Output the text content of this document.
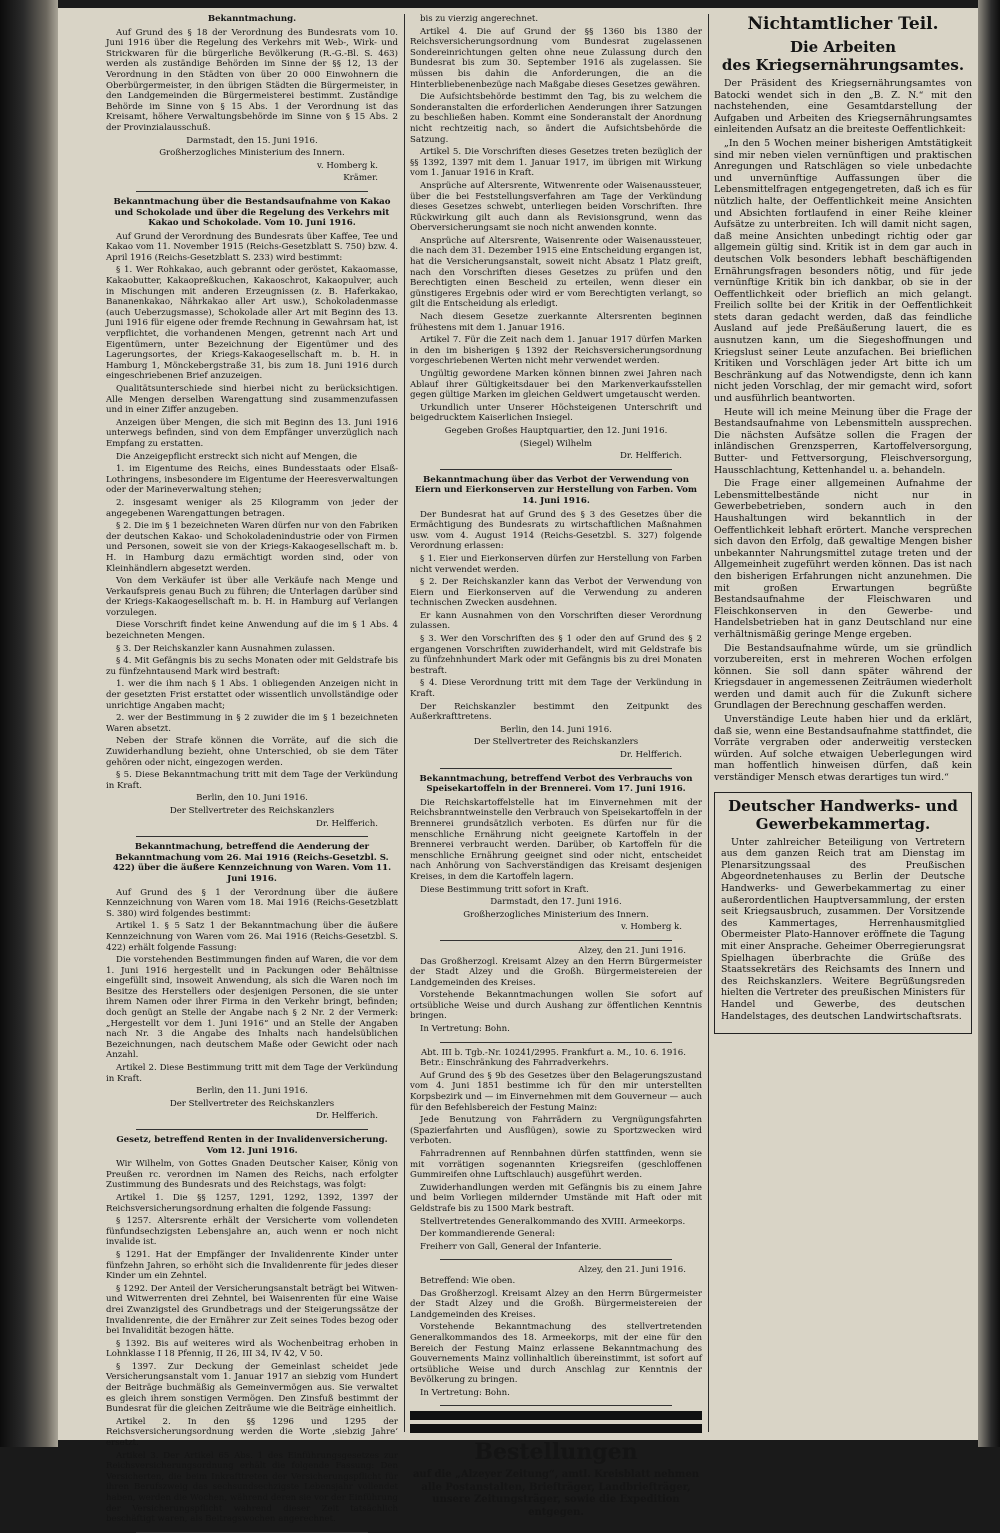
Bekanntmachung.

Auf Grund des § 18 der Verordnung des Bundesrats vom 10. Juni 1916 über die Regelung des Verkehrs mit Web-, Wirk- und Strickwaren für die bürgerliche Bevölkerung (R.-G.-Bl. S. 463) werden als zuständige Behörden im Sinne der §§ 12, 13 der Verordnung in den Städten von über 20 000 Einwohnern die Oberbürgermeister, in den übrigen Städten die Bürgermeister, in den Landgemeinden die Bürgermeisterei bestimmt. Zuständige Behörde im Sinne von § 15 Abs. 1 der Verordnung ist das Kreisamt, höhere Verwaltungsbehörde im Sinne von § 15 Abs. 2 der Provinzialausschuß.

Darmstadt, den 15. Juni 1916.
Großherzogliches Ministerium des Innern.
v. Homberg k.
Krämer.
Bekanntmachung über die Bestandsaufnahme von Kakao und Schokolade und über die Regelung des Verkehrs mit Kakao und Schokolade. Vom 10. Juni 1916.

Auf Grund der Verordnung des Bundesrats über Kaffee, Tee und Kakao vom 11. November 1915 (Reichs-Gesetzblatt S. 750) bzw. 4. April 1916 (Reichs-Gesetzblatt S. 233) wird bestimmt:

§ 1. Wer Rohkakao, auch gebrannt oder geröstet, Kakaomasse, Kakaobutter, Kakaopreßkuchen, Kakaoschrot, Kakaopulver, auch in Mischungen mit anderen Erzeugnissen (z. B. Haferkakao, Bananenkakao, Nährkakao aller Art usw.), Schokoladenmasse (auch Ueberzugsmasse), Schokolade aller Art mit Beginn des 13. Juni 1916 für eigene oder fremde Rechnung in Gewahrsam hat, ist verpflichtet, die vorhandenen Mengen, getrennt nach Art und Eigentümern, unter Bezeichnung der Eigentümer und des Lagerungsortes, der Kriegs-Kakaogesellschaft m. b. H. in Hamburg 1, Mönckebergstraße 31, bis zum 18. Juni 1916 durch eingeschriebenen Brief anzuzeigen.

Qualitätsunterschiede sind hierbei nicht zu berücksichtigen. Alle Mengen derselben Warengattung sind zusammenzufassen und in einer Ziffer anzugeben.

Anzeigen über Mengen, die sich mit Beginn des 13. Juni 1916 unterwegs befinden, sind von dem Empfänger unverzüglich nach Empfang zu erstatten.

Die Anzeigepflicht erstreckt sich nicht auf Mengen, die

1. im Eigentume des Reichs, eines Bundesstaats oder Elsaß-Lothringens, insbesondere im Eigentume der Heeresverwaltungen oder der Marineverwaltung stehen;

2. insgesamt weniger als 25 Kilogramm von jeder der angegebenen Warengattungen betragen.

§ 2. Die im § 1 bezeichneten Waren dürfen nur von den Fabriken der deutschen Kakao- und Schokoladenindustrie oder von Firmen und Personen, soweit sie von der Kriegs-Kakaogesellschaft m. b. H. in Hamburg dazu ermächtigt worden sind, oder von Kleinhändlern abgesetzt werden.

Von dem Verkäufer ist über alle Verkäufe nach Menge und Verkaufspreis genau Buch zu führen; die Unterlagen darüber sind der Kriegs-Kakaogesellschaft m. b. H. in Hamburg auf Verlangen vorzulegen.

Diese Vorschrift findet keine Anwendung auf die im § 1 Abs. 4 bezeichneten Mengen.

§ 3. Der Reichskanzler kann Ausnahmen zulassen.

§ 4. Mit Gefängnis bis zu sechs Monaten oder mit Geldstrafe bis zu fünfzehntausend Mark wird bestraft:

1. wer die ihm nach § 1 Abs. 1 obliegenden Anzeigen nicht in der gesetzten Frist erstattet oder wissentlich unvollständige oder unrichtige Angaben macht;

2. wer der Bestimmung in § 2 zuwider die im § 1 bezeichneten Waren absetzt.

Neben der Strafe können die Vorräte, auf die sich die Zuwiderhandlung bezieht, ohne Unterschied, ob sie dem Täter gehören oder nicht, eingezogen werden.

§ 5. Diese Bekanntmachung tritt mit dem Tage der Verkündung in Kraft.

Berlin, den 10. Juni 1916.
Der Stellvertreter des Reichskanzlers
Dr. Helfferich.
Bekanntmachung, betreffend die Aenderung der Bekanntmachung vom 26. Mai 1916 (Reichs-Gesetzbl. S. 422) über die äußere Kennzeichnung von Waren. Vom 11. Juni 1916.

Auf Grund des § 1 der Verordnung über die äußere Kennzeichnung von Waren vom 18. Mai 1916 (Reichs-Gesetzblatt S. 380) wird folgendes bestimmt:

Artikel 1. § 5 Satz 1 der Bekanntmachung über die äußere Kennzeichnung von Waren vom 26. Mai 1916 (Reichs-Gesetzbl. S. 422) erhält folgende Fassung:

Die vorstehenden Bestimmungen finden auf Waren, die vor dem 1. Juni 1916 hergestellt und in Packungen oder Behältnisse eingefüllt sind, insoweit Anwendung, als sich die Waren noch im Besitze des Herstellers oder desjenigen Personen, die sie unter ihrem Namen oder ihrer Firma in den Verkehr bringt, befinden; doch genügt an Stelle der Angabe nach § 2 Nr. 2 der Vermerk: „Hergestellt vor dem 1. Juni 1916“ und an Stelle der Angaben nach Nr. 3 die Angabe des Inhalts nach handelsüblichen Bezeichnungen, nach deutschem Maße oder Gewicht oder nach Anzahl.

Artikel 2. Diese Bestimmung tritt mit dem Tage der Verkündung in Kraft.

Berlin, den 11. Juni 1916.
Der Stellvertreter des Reichskanzlers
Dr. Helfferich.
Gesetz, betreffend Renten in der Invalidenversicherung. Vom 12. Juni 1916.

Wir Wilhelm, von Gottes Gnaden Deutscher Kaiser, König von Preußen rc. verordnen im Namen des Reichs, nach erfolgter Zustimmung des Bundesrats und des Reichstags, was folgt:

Artikel 1. Die §§ 1257, 1291, 1292, 1392, 1397 der Reichsversicherungsordnung erhalten die folgende Fassung:

§ 1257. Altersrente erhält der Versicherte vom vollendeten fünfundsechzigsten Lebensjahre an, auch wenn er noch nicht invalide ist.

§ 1291. Hat der Empfänger der Invalidenrente Kinder unter fünfzehn Jahren, so erhöht sich die Invalidenrente für jedes dieser Kinder um ein Zehntel.

§ 1292. Der Anteil der Versicherungsanstalt beträgt bei Witwen- und Witwerrenten drei Zehntel, bei Waisenrenten für eine Waise drei Zwanzigstel des Grundbetrags und der Steigerungssätze der Invalidenrente, die der Ernährer zur Zeit seines Todes bezog oder bei Invalidität bezogen hätte.

§ 1392. Bis auf weiteres wird als Wochenbeitrag erhoben in Lohnklasse I 18 Pfennig, II 26, III 34, IV 42, V 50.

§ 1397. Zur Deckung der Gemeinlast scheidet jede Versicherungsanstalt vom 1. Januar 1917 an siebzig vom Hundert der Beiträge buchmäßig als Gemeinvermögen aus. Sie verwaltet es gleich ihrem sonstigen Vermögen. Den Zinsfuß bestimmt der Bundesrat für die gleichen Zeiträume wie die Beiträge einheitlich.

Artikel 2. In den §§ 1296 und 1295 der Reichsversicherungsordnung werden die Worte ‚siebzig Jahre‘ ersetzt.

Artikel 3. Der Artikel 65 Abs. 1 des Einführungsgesetzes zur Reichsversicherungsordnung erhält die folgende Fassung: Den Versicherten, die beim Inkrafttreten der Versicherungspflicht für ihren Berufszweig das sechsundsechzigste Lebensjahr vollendet haben, werden die Wochen, während deren sie vor der Einführung der Versicherungspflicht wahrend dieser Zeit tatsächlich beschäftigt waren, als Beitragswochen angerechnet.

bis zu vierzig angerechnet.

Artikel 4. Die auf Grund der §§ 1360 bis 1380 der Reichsversicherungsordnung vom Bundesrat zugelassenen Sondereinrichtungen gelten ohne neue Zulassung durch den Bundesrat bis zum 30. September 1916 als zugelassen. Sie müssen bis dahin die Anforderungen, die an die Hinterbliebenenbezüge nach Maßgabe dieses Gesetzes gewähren.

Die Aufsichtsbehörde bestimmt den Tag, bis zu welchem die Sonderanstalten die erforderlichen Aenderungen ihrer Satzungen zu beschließen haben. Kommt eine Sonderanstalt der Anordnung nicht rechtzeitig nach, so ändert die Aufsichtsbehörde die Satzung.

Artikel 5. Die Vorschriften dieses Gesetzes treten bezüglich der §§ 1392, 1397 mit dem 1. Januar 1917, im übrigen mit Wirkung vom 1. Januar 1916 in Kraft.

Ansprüche auf Altersrente, Witwenrente oder Waisenaussteuer, über die bei Feststellungsverfahren am Tage der Verkündung dieses Gesetzes schwebt, unterliegen beiden Vorschriften. Ihre Rückwirkung gilt auch dann als Revisionsgrund, wenn das Oberversicherungsamt sie noch nicht anwenden konnte.

Ansprüche auf Altersrente, Waisenrente oder Waisenaussteuer, die nach dem 31. Dezember 1915 eine Entscheidung ergangen ist, hat die Versicherungsanstalt, soweit nicht Absatz 1 Platz greift, nach den Vorschriften dieses Gesetzes zu prüfen und den Berechtigten einen Bescheid zu erteilen, wenn dieser ein günstigeres Ergebnis oder wird er vom Berechtigten verlangt, so gilt die Entscheidung als erledigt.

Nach diesem Gesetze zuerkannte Altersrenten beginnen frühestens mit dem 1. Januar 1916.

Artikel 7. Für die Zeit nach dem 1. Januar 1917 dürfen Marken in den im bisherigen § 1392 der Reichsversicherungsordnung vorgeschriebenen Werten nicht mehr verwendet werden.

Ungültig gewordene Marken können binnen zwei Jahren nach Ablauf ihrer Gültigkeitsdauer bei den Markenverkaufsstellen gegen gültige Marken im gleichen Geldwert umgetauscht werden.

Urkundlich unter Unserer Höchsteigenen Unterschrift und beigedrucktem Kaiserlichen Insiegel.

Gegeben Großes Hauptquartier, den 12. Juni 1916.
(Siegel) Wilhelm
Dr. Helfferich.
Bekanntmachung über das Verbot der Verwendung von Eiern und Eierkonserven zur Herstellung von Farben. Vom 14. Juni 1916.

Der Bundesrat hat auf Grund des § 3 des Gesetzes über die Ermächtigung des Bundesrats zu wirtschaftlichen Maßnahmen usw. vom 4. August 1914 (Reichs-Gesetzbl. S. 327) folgende Verordnung erlassen:

§ 1. Eier und Eierkonserven dürfen zur Herstellung von Farben nicht verwendet werden.

§ 2. Der Reichskanzler kann das Verbot der Verwendung von Eiern und Eierkonserven auf die Verwendung zu anderen technischen Zwecken ausdehnen.

Er kann Ausnahmen von den Vorschriften dieser Verordnung zulassen.

§ 3. Wer den Vorschriften des § 1 oder den auf Grund des § 2 ergangenen Vorschriften zuwiderhandelt, wird mit Geldstrafe bis zu fünfzehnhundert Mark oder mit Gefängnis bis zu drei Monaten bestraft.

§ 4. Diese Verordnung tritt mit dem Tage der Verkündung in Kraft.

Der Reichskanzler bestimmt den Zeitpunkt des Außerkrafttretens.

Berlin, den 14. Juni 1916.
Der Stellvertreter des Reichskanzlers
Dr. Helfferich.
Bekanntmachung, betreffend Verbot des Verbrauchs von Speisekartoffeln in der Brennerei. Vom 17. Juni 1916.

Die Reichskartoffelstelle hat im Einvernehmen mit der Reichsbranntweinstelle den Verbrauch von Speisekartoffeln in der Brennerei grundsätzlich verboten. Es dürfen nur für die menschliche Ernährung nicht geeignete Kartoffeln in der Brennerei verbraucht werden. Darüber, ob Kartoffeln für die menschliche Ernährung geeignet sind oder nicht, entscheidet nach Anhörung von Sachverständigen das Kreisamt desjenigen Kreises, in dem die Kartoffeln lagern.

Diese Bestimmung tritt sofort in Kraft.

Darmstadt, den 17. Juni 1916.
Großherzogliches Ministerium des Innern.
v. Homberg k.
Alzey, den 21. Juni 1916.

Das Großherzogl. Kreisamt Alzey an den Herrn Bürgermeister der Stadt Alzey und die Großh. Bürgermeistereien der Landgemeinden des Kreises.

Vorstehende Bekanntmachungen wollen Sie sofort auf ortsübliche Weise und durch Aushang zur öffentlichen Kenntnis bringen.

In Vertretung: Bohn.

Abt. III b. Tgb.-Nr. 10241/2995. Frankfurt a. M., 10. 6. 1916.

Betr.: Einschränkung des Fahrradverkehrs.

Auf Grund des § 9b des Gesetzes über den Belagerungszustand vom 4. Juni 1851 bestimme ich für den mir unterstellten Korpsbezirk und — im Einvernehmen mit dem Gouverneur — auch für den Befehlsbereich der Festung Mainz:

Jede Benutzung von Fahrrädern zu Vergnügungsfahrten (Spazierfahrten und Ausflügen), sowie zu Sportzwecken wird verboten.

Fahrradrennen auf Rennbahnen dürfen stattfinden, wenn sie mit vorrätigen sogenannten Kriegsreifen (geschloffenen Gummireifen ohne Luftschlauch) ausgeführt werden.

Zuwiderhandlungen werden mit Gefängnis bis zu einem Jahre und beim Vorliegen mildernder Umstände mit Haft oder mit Geldstrafe bis zu 1500 Mark bestraft.

Stellvertretendes Generalkommando des XVIII. Armeekorps.

Der kommandierende General:

Freiherr von Gall, General der Infanterie.

Alzey, den 21. Juni 1916.

Betreffend: Wie oben.

Das Großherzogl. Kreisamt Alzey an den Herrn Bürgermeister der Stadt Alzey und die Großh. Bürgermeistereien der Landgemeinden des Kreises.

Vorstehende Bekanntmachung des stellvertretenden Generalkommandos des 18. Armeekorps, mit der eine für den Bereich der Festung Mainz erlassene Bekanntmachung des Gouvernements Mainz vollinhaltlich übereinstimmt, ist sofort auf ortsübliche Weise und durch Anschlag zur Kenntnis der Bevölkerung zu bringen.

In Vertretung: Bohn.

Bestellungen
auf die „Alzeyer Zeitung“, amtl. Kreisblatt nehmen alle Postanstalten, Briefträger, Landbriefträger, unsere Zeitungsträger, sowie die Expedition entgegen.
Nichtamtlicher Teil.
Die Arbeiten
des Kriegsernährungsamtes.

Der Präsident des Kriegsernährungsamtes von Batocki wendet sich in den „B. Z. N.“ mit den nachstehenden, eine Gesamtdarstellung der Aufgaben und Arbeiten des Kriegsernährungsamtes einleitenden Aufsatz an die breiteste Oeffentlichkeit:

„In den 5 Wochen meiner bisherigen Amtstätigkeit sind mir neben vielen vernünftigen und praktischen Anregungen und Ratschlägen so viele unbedachte und unvernünftige Auffassungen über die Lebensmittelfragen entgegengetreten, daß ich es für nützlich halte, der Oeffentlichkeit meine Ansichten und Absichten fortlaufend in einer Reihe kleiner Aufsätze zu unterbreiten. Ich will damit nicht sagen, daß meine Ansichten unbedingt richtig oder gar allgemein gültig sind. Kritik ist in dem gar auch in deutschen Volk besonders lebhaft beschäftigenden Ernährungsfragen besonders nötig, und für jede vernünftige Kritik bin ich dankbar, ob sie in der Oeffentlichkeit oder brieflich an mich gelangt. Freilich sollte bei der Kritik in der Oeffentlichkeit stets daran gedacht werden, daß das feindliche Ausland auf jede Preßäußerung lauert, die es ausnutzen kann, um die Siegeshoffnungen und Kriegslust seiner Leute anzufachen. Bei brieflichen Kritiken und Vorschlägen jeder Art bitte ich um Beschränkung auf das Notwendigste, denn ich kann nicht jeden Vorschlag, der mir gemacht wird, sofort und ausführlich beantworten.

Heute will ich meine Meinung über die Frage der Bestandsaufnahme von Lebensmitteln aussprechen. Die nächsten Aufsätze sollen die Fragen der inländischen Grenzsperren, Kartoffelversorgung, Butter- und Fettversorgung, Fleischversorgung, Hausschlachtung, Kettenhandel u. a. behandeln.

Die Frage einer allgemeinen Aufnahme der Lebensmittelbestände nicht nur in Gewerbebetrieben, sondern auch in den Haushaltungen wird bekanntlich in der Oeffentlichkeit lebhaft erörtert. Manche versprechen sich davon den Erfolg, daß gewaltige Mengen bisher unbekannter Nahrungsmittel zutage treten und der Allgemeinheit zugeführt werden können. Das ist nach den bisherigen Erfahrungen nicht anzunehmen. Die mit großen Erwartungen begrüßte Bestandsaufnahme der Fleischwaren und Fleischkonserven in den Gewerbe- und Handelsbetrieben hat in ganz Deutschland nur eine verhältnismäßig geringe Menge ergeben.

Die Bestandsaufnahme würde, um sie gründlich vorzubereiten, erst in mehreren Wochen erfolgen können. Sie soll dann später während der Kriegsdauer in angemessenen Zeiträumen wiederholt werden und damit auch für die Zukunft sichere Grundlagen der Berechnung geschaffen werden.

Unverständige Leute haben hier und da erklärt, daß sie, wenn eine Bestandsaufnahme stattfindet, die Vorräte vergraben oder anderweitig verstecken würden. Auf solche etwaigen Ueberlegungen wird man hoffentlich hinweisen dürfen, daß kein verständiger Mensch etwas derartiges tun wird.“

Deutscher Handwerks- und
Gewerbekammertag.

Unter zahlreicher Beteiligung von Vertretern aus dem ganzen Reich trat am Dienstag im Plenarsitzungssaal des Preußischen Abgeordnetenhauses zu Berlin der Deutsche Handwerks- und Gewerbekammertag zu einer außerordentlichen Hauptversammlung, der ersten seit Kriegsausbruch, zusammen. Der Vorsitzende des Kammertages, Herrenhausmitglied Obermeister Plato-Hannover eröffnete die Tagung mit einer Ansprache. Geheimer Oberregierungsrat Spielhagen überbrachte die Grüße des Staatssekretärs des Reichsamts des Innern und des Reichskanzlers. Weitere Begrüßungsreden hielten die Vertreter des preußischen Ministers für Handel und Gewerbe, des deutschen Handelstages, des deutschen Landwirtschaftsrats.
